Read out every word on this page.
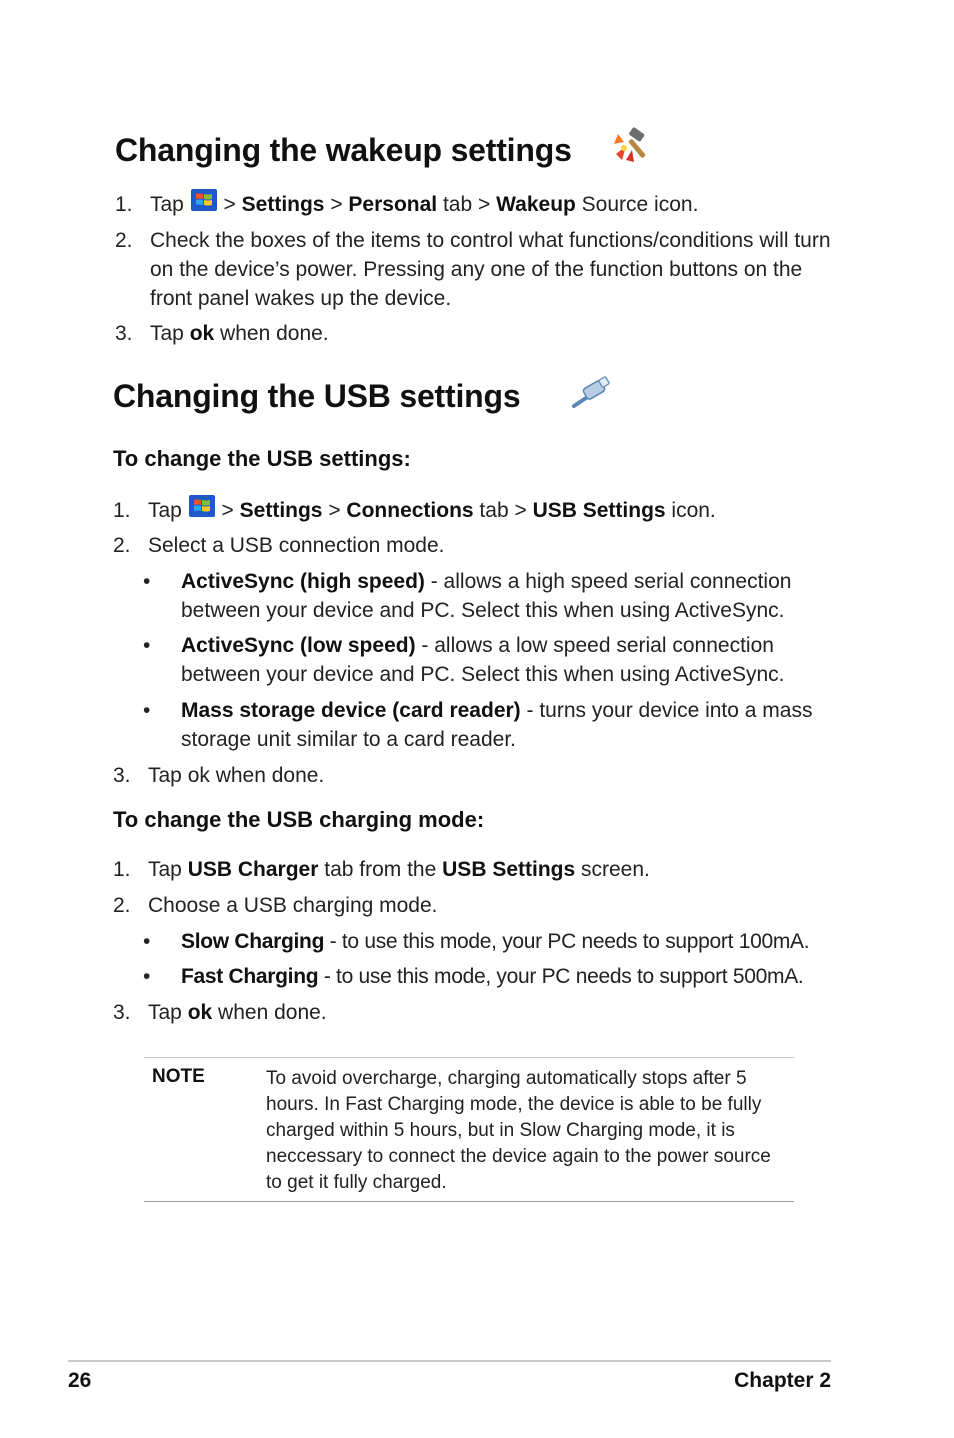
Changing the wakeup settings
1. Tap  > Settings > Personal tab > Wakeup Source icon.
2. Check the boxes of the items to control what functions/conditions will turn on the device’s power. Pressing any one of the function buttons on the front panel wakes up the device.
3. Tap ok when done.
Changing the USB settings
To change the USB settings:
1. Tap  > Settings > Connections tab > USB Settings icon.
2. Select a USB connection mode.
• ActiveSync (high speed) - allows a high speed serial connection between your device and PC. Select this when using ActiveSync.
• ActiveSync (low speed) - allows a low speed serial connection between your device and PC. Select this when using ActiveSync.
• Mass storage device (card reader) - turns your device into a mass storage unit similar to a card reader.
3. Tap ok when done.
To change the USB charging mode:
1. Tap USB Charger tab from the USB Settings screen.
2. Choose a USB charging mode.
• Slow Charging - to use this mode, your PC needs to support 100mA.
• Fast Charging - to use this mode, your PC needs to support 500mA.
3. Tap ok when done.
NOTE	To avoid overcharge, charging automatically stops after 5 hours. In Fast Charging mode, the device is able to be fully charged within 5 hours, but in Slow Charging mode, it is neccessary to connect the device again to the power source to get it fully charged.
26	Chapter 2
